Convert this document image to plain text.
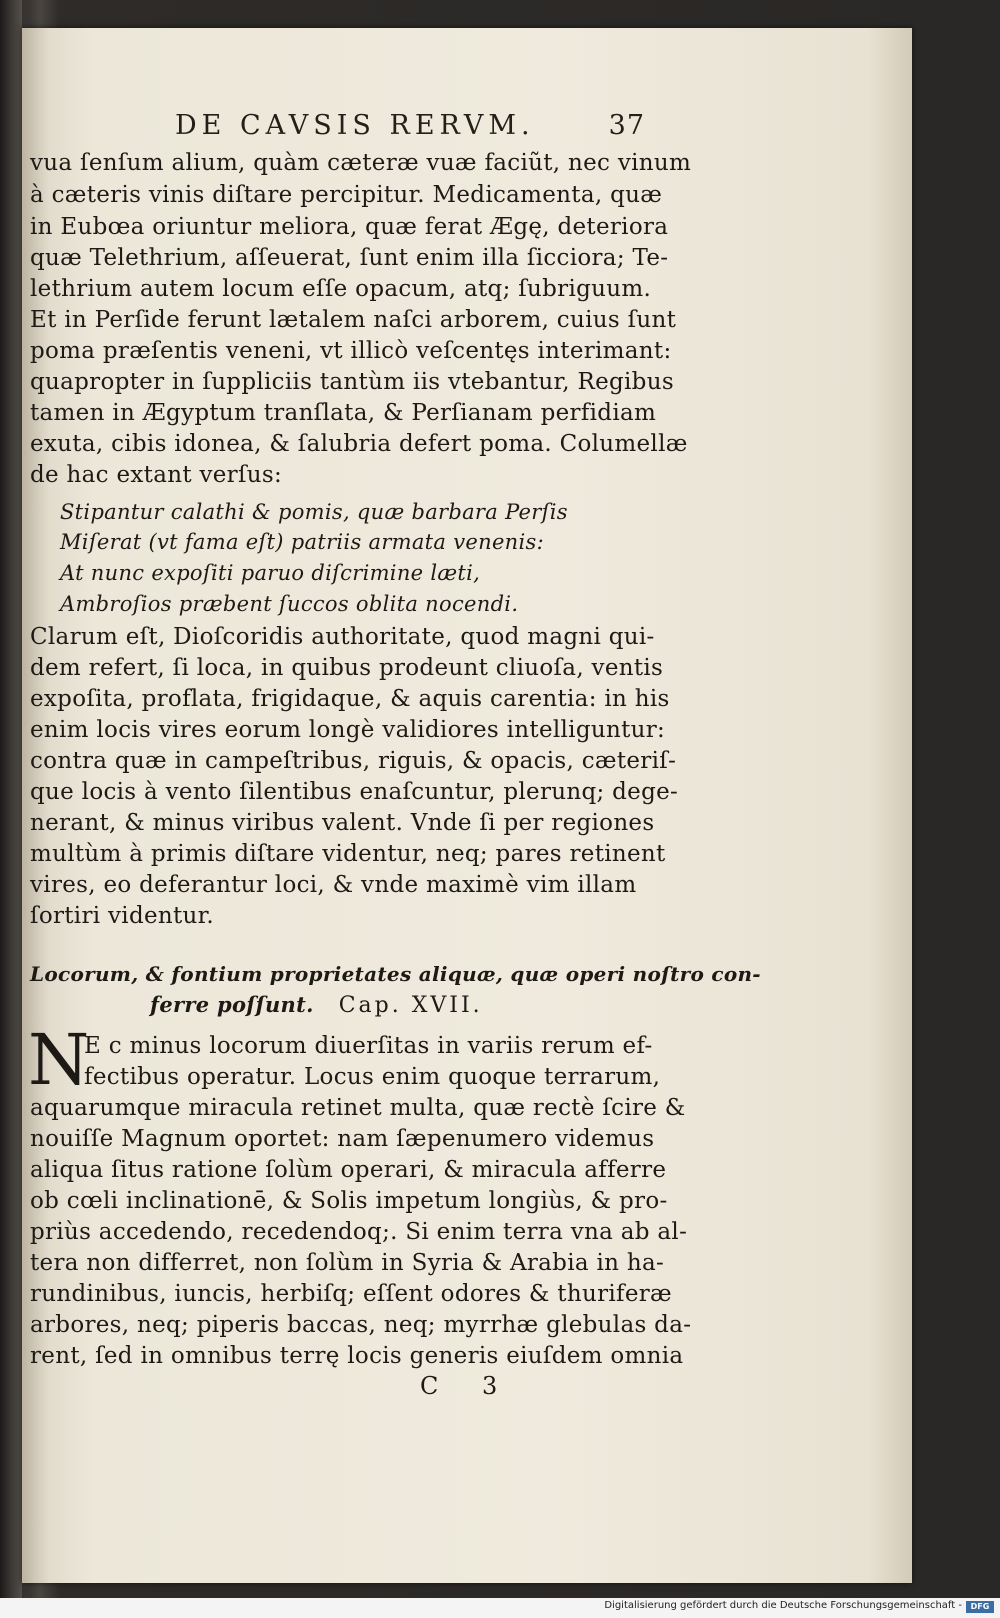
DE CAVSIS RERVM.	37
vua ſenſum alium, quàm cæteræ vuæ faciũt, nec vinum
à cæteris vinis diſtare percipitur. Medicamenta, quæ
in Eubœa oriuntur meliora, quæ ferat Ægę, deteriora
quæ Telethrium, aſſeuerat, ſunt enim illa ſicciora; Te-
lethrium autem locum eſſe opacum, atq; ſubriguum.
Et in Perſide ferunt lætalem naſci arborem, cuius ſunt
poma præſentis veneni, vt illicò veſcentęs interimant:
quapropter in ſuppliciis tantùm iis vtebantur, Regibus
tamen in Ægyptum tranſlata, & Perſianam perfidiam
exuta, cibis idonea, & ſalubria defert poma. Columellæ
de hac extant verſus:
Stipantur calathi & pomis, quæ barbara Perſis
Miſerat (vt fama eſt) patriis armata venenis:
At nunc expoſiti paruo diſcrimine læti,
Ambroſios præbent ſuccos oblita nocendi.
Clarum eſt, Dioſcoridis authoritate, quod magni qui-
dem refert, ſi loca, in quibus prodeunt cliuoſa, ventis
expoſita, proflata, frigidaque, & aquis carentia: in his
enim locis vires eorum longè validiores intelliguntur:
contra quæ in campeſtribus, riguis, & opacis, cæteriſ-
que locis à vento ſilentibus enaſcuntur, plerunq; dege-
nerant, & minus viribus valent. Vnde ſi per regiones
multùm à primis diſtare videntur, neq; pares retinent
vires, eo deferantur loci, & vnde maximè vim illam
ſortiri videntur.
Locorum, & fontium proprietates aliquæ, quæ operi noſtro con-
ferre poſſunt. Cap. XVII.
N
E c minus locorum diuerſitas in variis rerum ef-
fectibus operatur. Locus enim quoque terrarum,
aquarumque miracula retinet multa, quæ rectè ſcire &
nouiſſe Magnum oportet: nam ſæpenumero videmus
aliqua ſitus ratione ſolùm operari, & miracula afferre
ob cœli inclinationē, & Solis impetum longiùs, & pro-
priùs accedendo, recedendoq;. Si enim terra vna ab al-
tera non differret, non ſolùm in Syria & Arabia in ha-
rundinibus, iuncis, herbiſq; eſſent odores & thuriferæ
arbores, neq; piperis baccas, neq; myrrhæ glebulas da-
rent, ſed in omnibus terrę locis generis eiuſdem omnia
C 3
Digitalisierung gefördert durch die Deutsche Forschungsgemeinschaft -	DFG
